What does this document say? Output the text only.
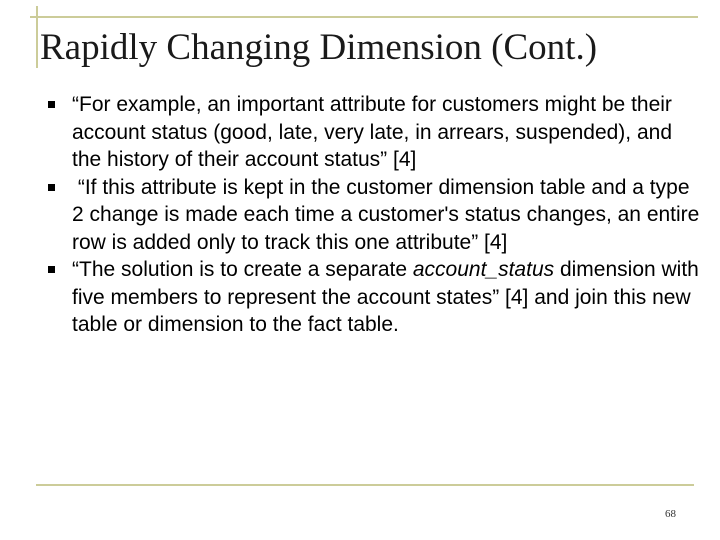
Rapidly Changing Dimension (Cont.)
“For example, an important attribute for customers might be their account status (good, late, very late, in arrears, suspended), and the history of their account status” [4]
“If this attribute is kept in the customer dimension table and a type 2 change is made each time a customer's status changes, an entire row is added only to track this one attribute” [4]
“The solution is to create a separate account_status dimension with five members to represent the account states” [4] and join this new table or dimension to the fact table.
68
